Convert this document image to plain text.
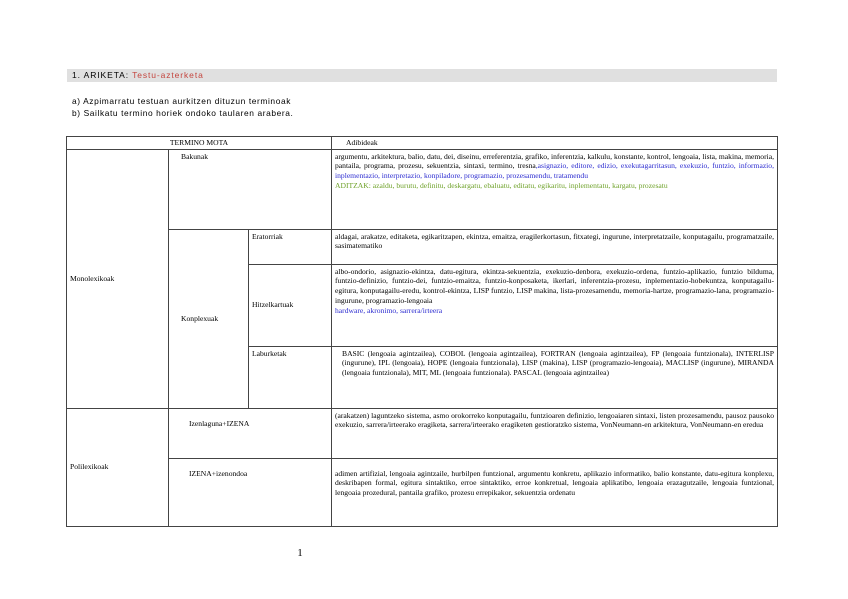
1. ARIKETA: Testu-azterketa
a) Azpimarratu testuan aurkitzen dituzun terminoak
b) Sailkatu termino horiek ondoko taularen arabera.
TERMINO MOTA			Adibideak
Monolexikoak	Bakunak		argumentu, arkitektura, balio, datu, dei, diseinu, erreferentzia, grafiko, inferentzia, kalkulu, konstante, kontrol, lengoaia, lista, makina, memoria, pantaila, programa, prozesu, sekuentzia, sintaxi, termino, tresna,asignazio, editore, edizio, exekutagarritasun, exekuzio, funtzio, informazio, inplementazio, interpretazio, konpiladore, programazio, prozesamendu, tratamendu
ADITZAK: azaldu, burutu, definitu, deskargatu, ebaluatu, editatu, egikaritu, inplementatu, kargatu, prozesatu
	Konplexuak	Eratorriak	aldagai, arakatze, editaketa, egikaritzapen, ekintza, emaitza, eragilerkortasun, fitxategi, ingurune, interpretatzaile, konputagailu, programatzaile, sasimatematiko
		Hitzelkartuak	albo-ondorio, asignazio-ekintza, datu-egitura, ekintza-sekuentzia, exekuzio-denbora, exekuzio-ordena, funtzio-aplikazio, funtzio bilduma, funtzio-definizio, funtzio-dei, funtzio-emaitza, funtzio-konposaketa, ikerlari, inferentzia-prozesu, inplementazio-hobekuntza, konputagailu-egitura, konputagailu-eredu, kontrol-ekintza, LISP funtzio, LISP makina, lista-prozesamendu, memoria-hartze, programazio-lana, programazio-ingurune, programazio-lengoaia
hardware, akronimo, sarrera/irteera
		Laburketak	BASIC (lengoaia agintzailea), COBOL (lengoaia agintzailea), FORTRAN (lengoaia agintzailea), FP (lengoaia funtzionala), INTERLISP (ingurune), IPL (lengoaia), HOPE (lengoaia funtzionala), LISP (makina), LISP (programazio-lengoaia), MACLISP (ingurune), MIRANDA (lengoaia funtzionala), MIT, ML (lengoaia funtzionala). PASCAL (lengoaia agintzailea)
Polilexikoak	Izenlaguna+IZENA		(arakatzen) laguntzeko sistema, asmo orokorreko konputagailu, funtzioaren definizio, lengoaiaren sintaxi, listen prozesamendu, pausoz pausoko exekuzio, sarrera/irteerako eragiketa, sarrera/irteerako eragiketen gestioratzko sistema, VonNeumann-en arkitektura, VonNeumann-en eredua
	IZENA+izenondoa		adimen artifizial, lengoaia agintzaile, hurbilpen funtzional, argumentu konkretu, aplikazio informatiko, balio konstante, datu-egitura konplexu, deskribapen formal, egitura sintaktiko, erroe sintaktiko, erroe konkretual, lengoaia aplikatibo, lengoaia erazagutzaile, lengoaia funtzional, lengoaia prozedural, pantaila grafiko, prozesu errepikakor, sekuentzia ordenatu
1
